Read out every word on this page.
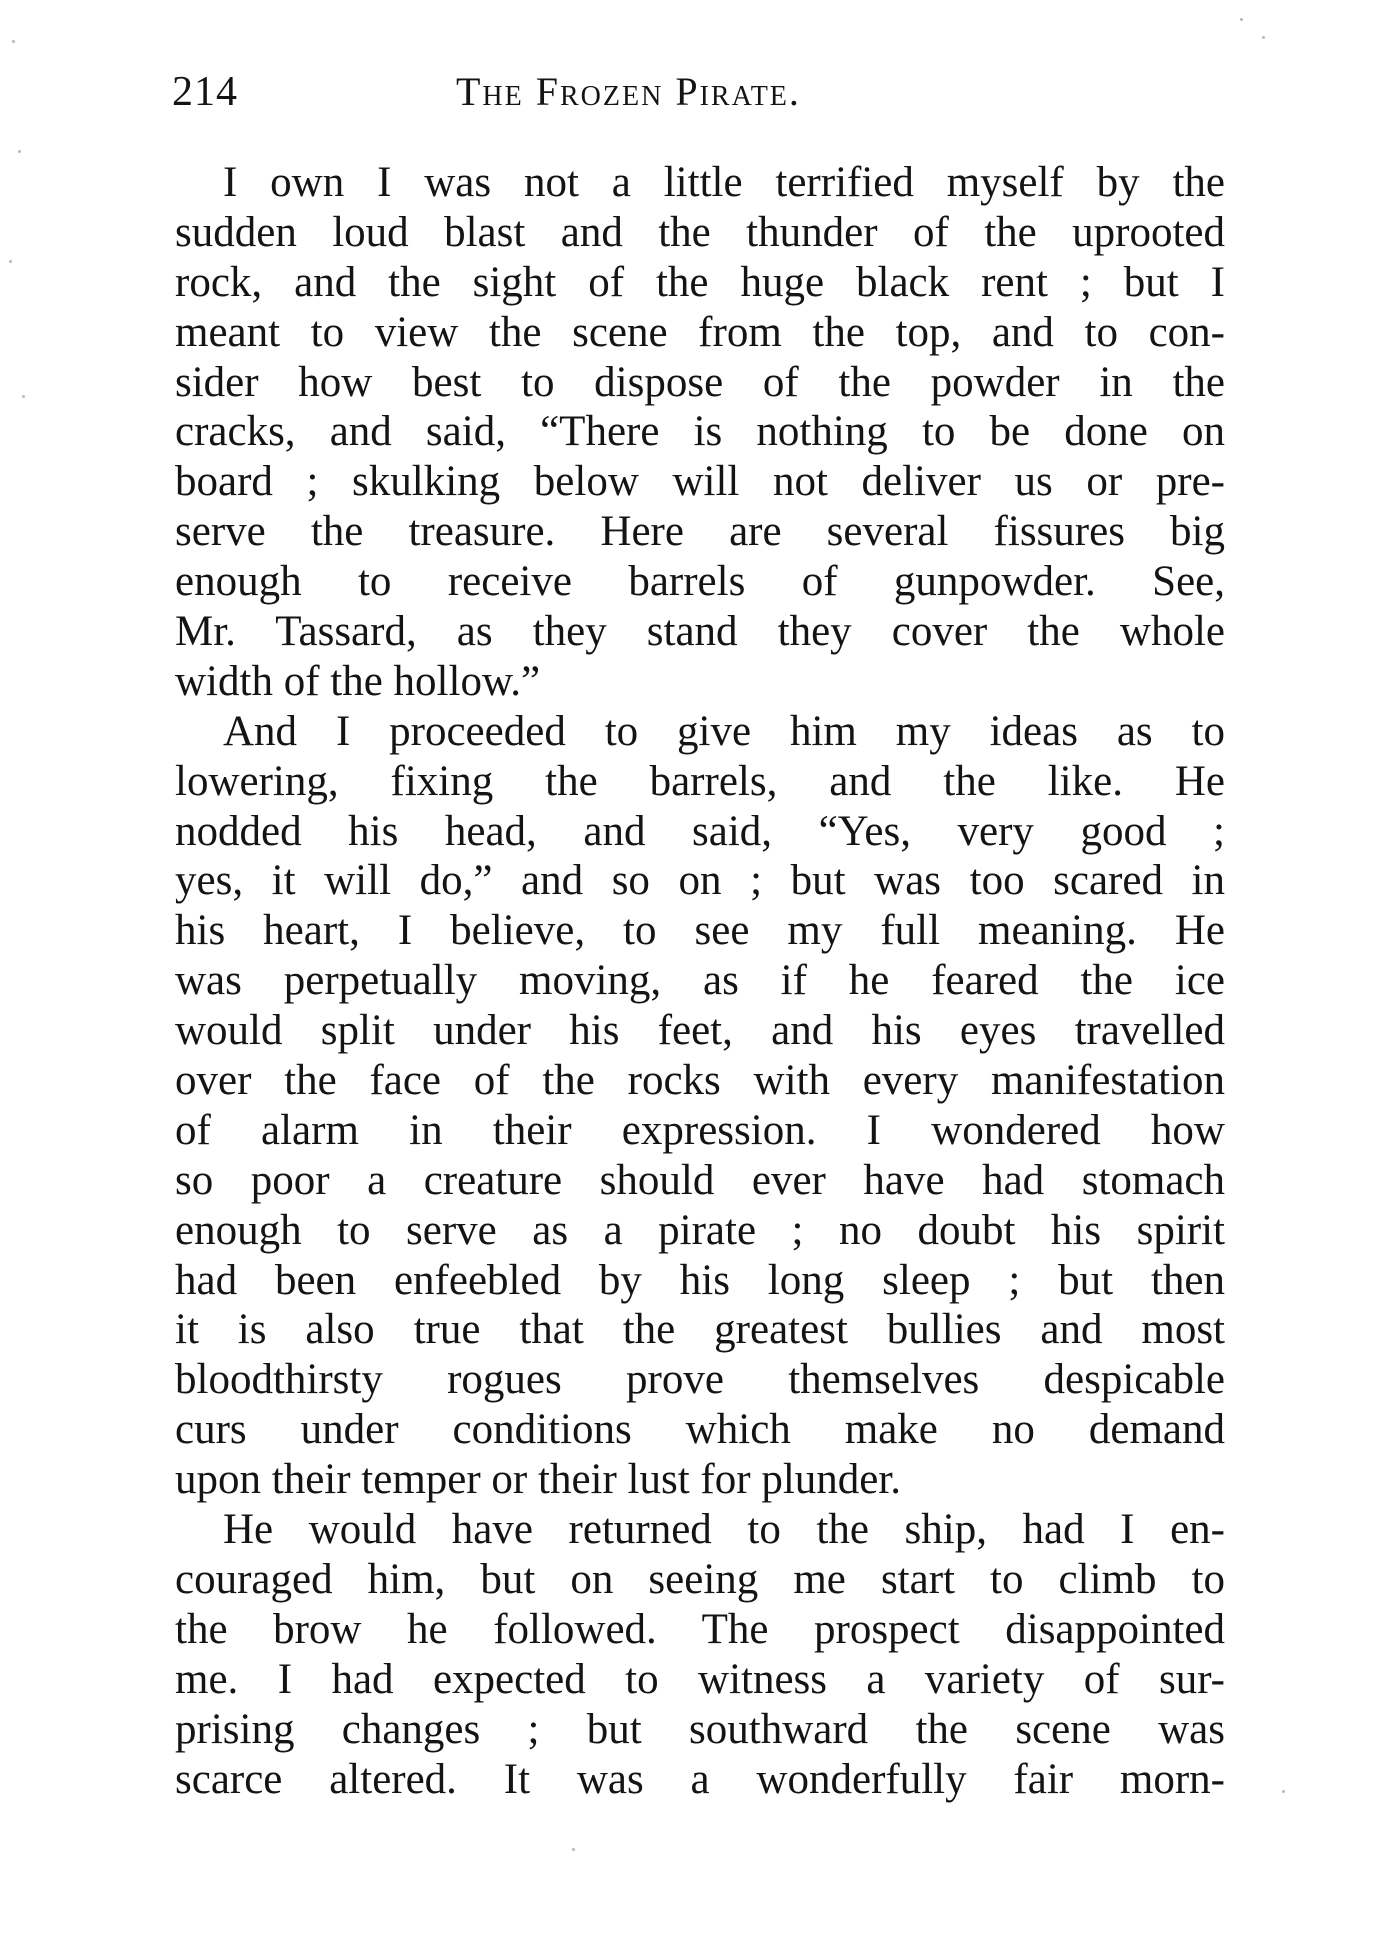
214	The Frozen Pirate.
I own I was not a little terrified myself by the
sudden loud blast and the thunder of the uprooted
rock, and the sight of the huge black rent ; but I
meant to view the scene from the top, and to con-
sider how best to dispose of the powder in the
cracks, and said, “There is nothing to be done on
board ; skulking below will not deliver us or pre-
serve the treasure. Here are several fissures big
enough to receive barrels of gunpowder. See,
Mr. Tassard, as they stand they cover the whole
width of the hollow.”
And I proceeded to give him my ideas as to
lowering, fixing the barrels, and the like. He
nodded his head, and said, “Yes, very good ;
yes, it will do,” and so on ; but was too scared in
his heart, I believe, to see my full meaning. He
was perpetually moving, as if he feared the ice
would split under his feet, and his eyes travelled
over the face of the rocks with every manifestation
of alarm in their expression. I wondered how
so poor a creature should ever have had stomach
enough to serve as a pirate ; no doubt his spirit
had been enfeebled by his long sleep ; but then
it is also true that the greatest bullies and most
bloodthirsty rogues prove themselves despicable
curs under conditions which make no demand
upon their temper or their lust for plunder.
He would have returned to the ship, had I en-
couraged him, but on seeing me start to climb to
the brow he followed. The prospect disappointed
me. I had expected to witness a variety of sur-
prising changes ; but southward the scene was
scarce altered. It was a wonderfully fair morn-
